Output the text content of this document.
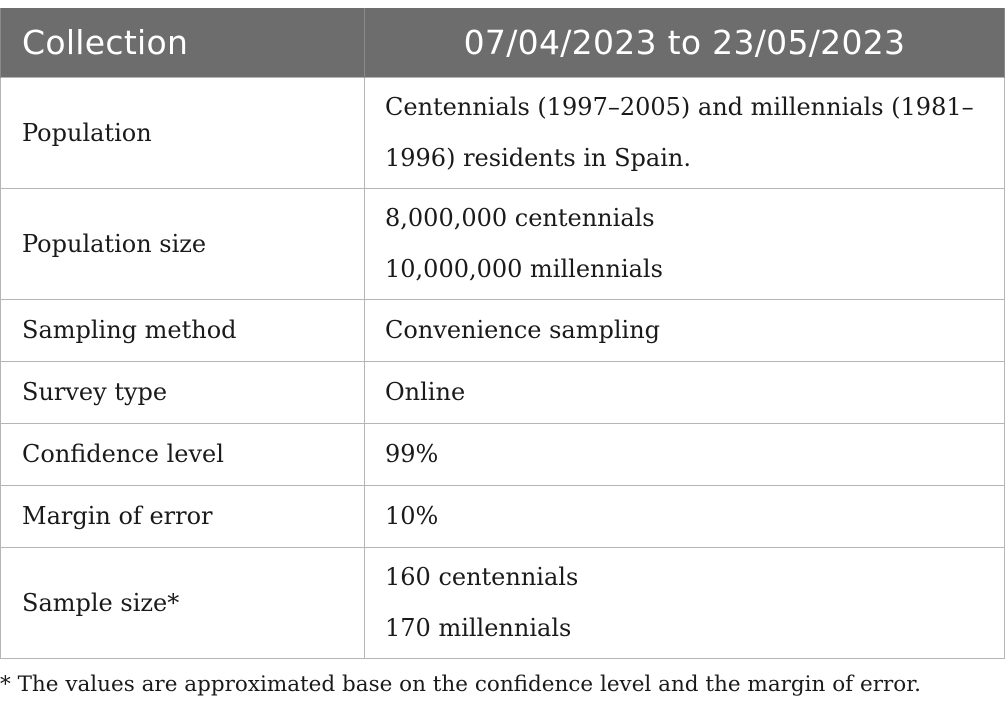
Collection	07/04/2023 to 23/05/2023
Population	Centennials (1997–2005) and millennials (1981–
1996) residents in Spain.

Population size	8,000,000 centennials
10,000,000 millennials

Sampling method	Convenience sampling

Survey type	Online

Confidence level	99%

Margin of error	10%

Sample size*	160 centennials
170 millennials
* The values are approximated base on the confidence level and the margin of error.
